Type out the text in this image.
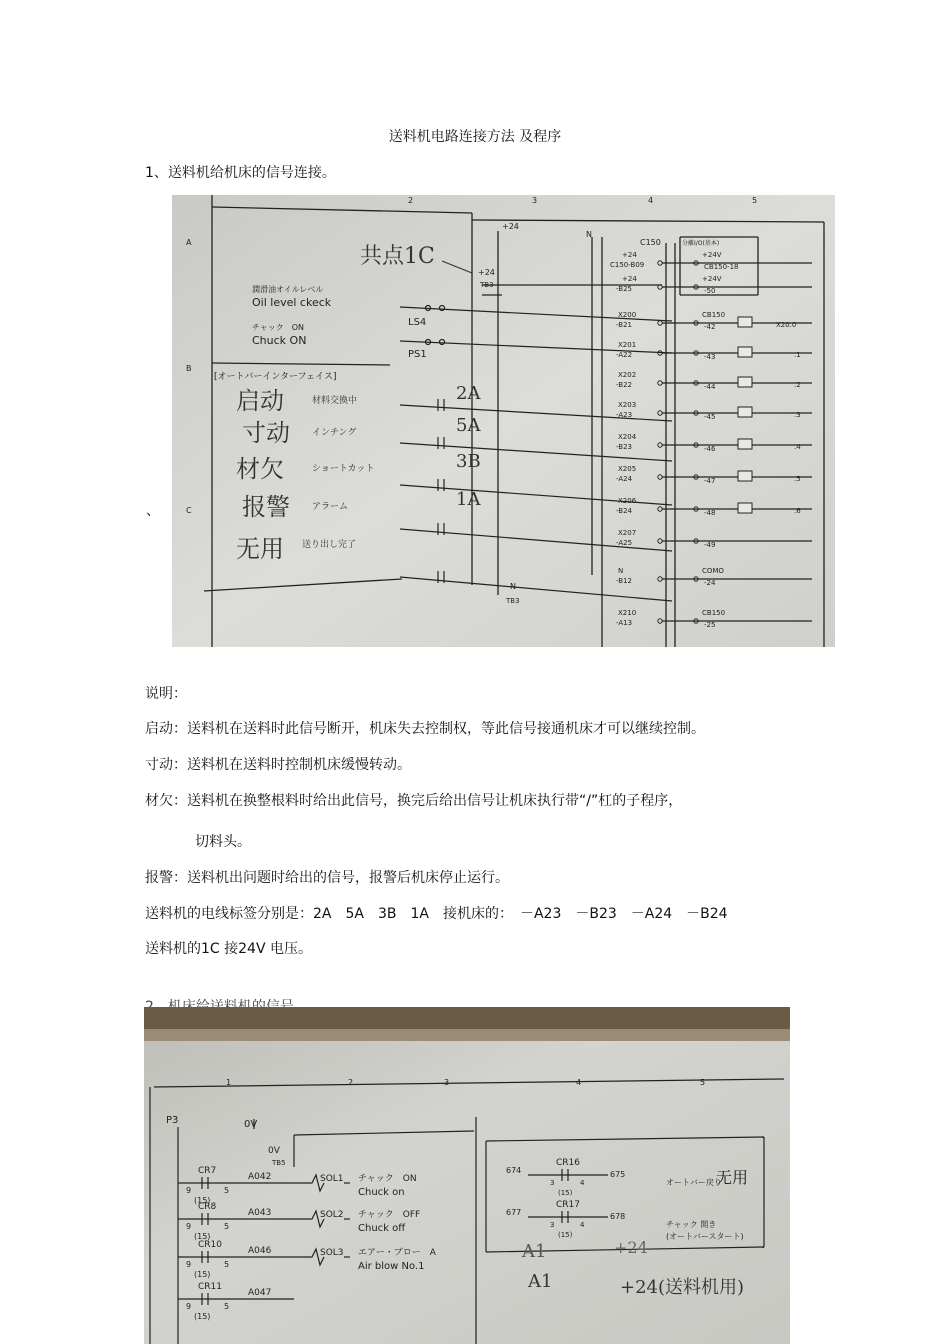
送料机电路连接方法 及程序
1、送料机给机床的信号连接。
、
2	3	4	5
A
B
C
+24
N
C150	分離I/O(基本)
共点1C
+24
TB3
潤滑油オイルレベル
Oil level ckeck
チャック　ON
Chuck ON
LS4
PS1
[オートバーインターフェイス]
启动	材料交換中	2A
寸动 インチング	5A
材欠	ショートカット	3B
报警 アラーム	1A
无用 送り出し完了
+24
C150-B09
+24
-B25
X200
-B21
X201
-A22
X202
-B22
X203
-A23
X204
-B23
X205
-A24
X206
-B24
X207
-A25
N
-B12
X210
-A13
+24V
CB150-18
+24V
-50
CB150
-42
-43
-44
-45
-46
-47
-48
-49
COMO
-24
CB150
-25
X20.0
.1
.2
.3
.4
.5
.6
N
TB3
说明：
启动：送料机在送料时此信号断开，机床失去控制权，等此信号接通机床才可以继续控制。
寸动：送料机在送料时控制机床缓慢转动。
材欠：送料机在换整根料时给出此信号，换完后给出信号让机床执行带“/”杠的子程序，
切料头。
报警：送料机出问题时给出的信号，报警后机床停止运行。
送料机的电线标签分别是：2A　5A　3B　1A　接机床的：　－A23　－B23　－A24　－B24
送料机的1C 接24V 电压。
1	2	3	4	5
P3	0V
0V
TB5
CR7
9
(15)
5
A042	SOL1 チャック　ON
Chuck on
CR8
9
(15)
5
A043	SOL2 チャック　OFF
Chuck off
CR10
9
(15)
5
A046	SOL3 エアー・ブロー　A
Air blow No.1
CR11
9
(15)
5
A047
674
CR16
3
(15)
4
675
オートバー戻り
无用
677
CR17
3
(15)
4
678
チャック 開き
(オートバースタート)
A1
A1
+24
+24(送料机用)
